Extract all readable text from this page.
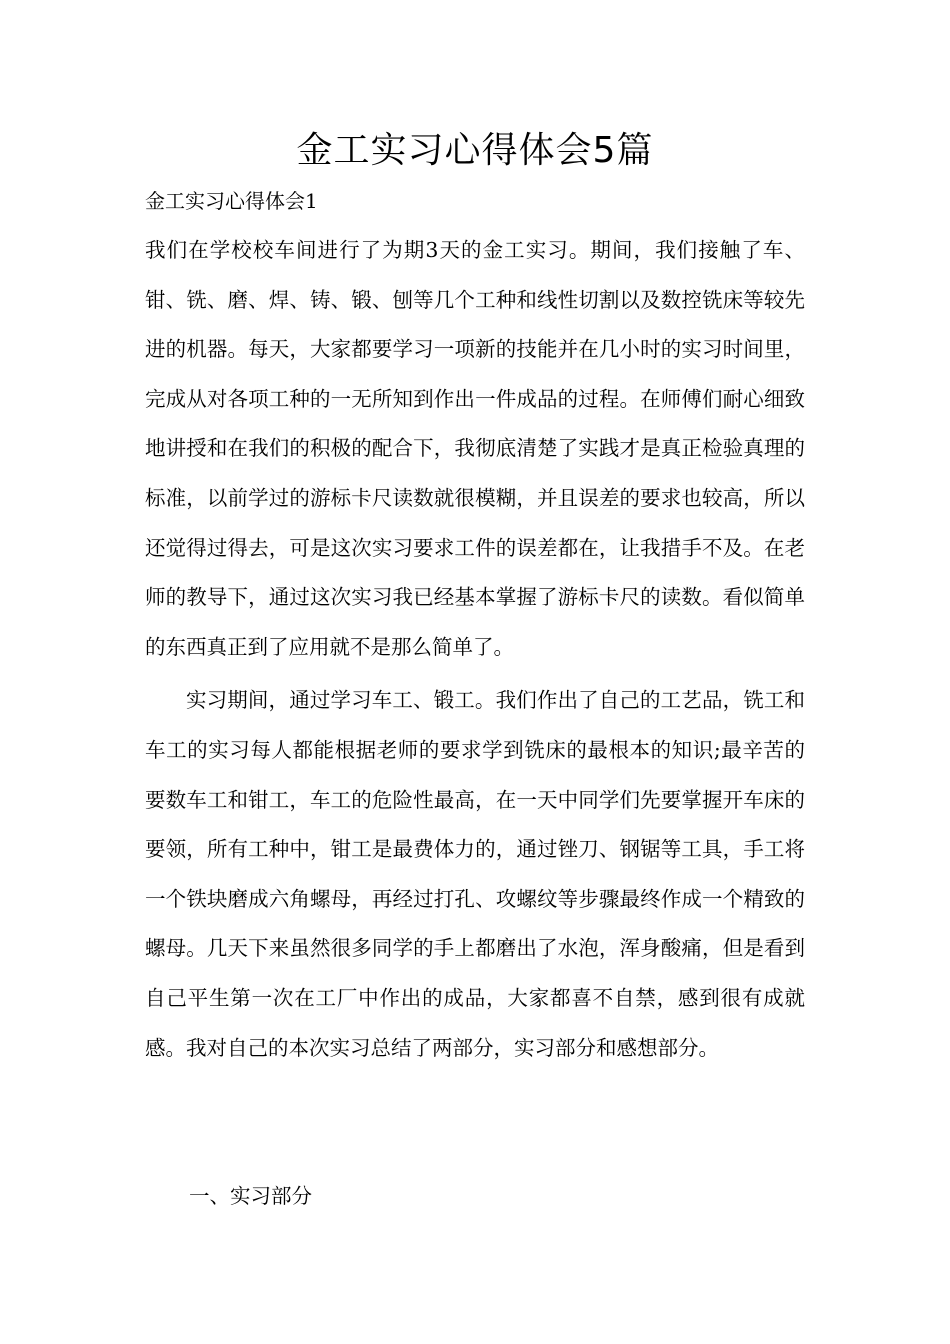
金工实习心得体会5篇

金工实习心得体会1

我们在学校校车间进行了为期3天的金工实习。期间，我们接触了车、钳、铣、磨、焊、铸、锻、刨等几个工种和线性切割以及数控铣床等较先进的机器。每天，大家都要学习一项新的技能并在几小时的实习时间里，完成从对各项工种的一无所知到作出一件成品的过程。在师傅们耐心细致地讲授和在我们的积极的配合下，我彻底清楚了实践才是真正检验真理的标准，以前学过的游标卡尺读数就很模糊，并且误差的要求也较高，所以还觉得过得去，可是这次实习要求工件的误差都在，让我措手不及。在老师的教导下，通过这次实习我已经基本掌握了游标卡尺的读数。看似简单的东西真正到了应用就不是那么简单了。

实习期间，通过学习车工、锻工。我们作出了自己的工艺品，铣工和车工的实习每人都能根据老师的要求学到铣床的最根本的知识;最辛苦的要数车工和钳工，车工的危险性最高，在一天中同学们先要掌握开车床的要领，所有工种中，钳工是最费体力的，通过锉刀、钢锯等工具，手工将一个铁块磨成六角螺母，再经过打孔、攻螺纹等步骤最终作成一个精致的螺母。几天下来虽然很多同学的手上都磨出了水泡，浑身酸痛，但是看到自己平生第一次在工厂中作出的成品，大家都喜不自禁，感到很有成就感。我对自己的本次实习总结了两部分，实习部分和感想部分。

一、实习部分
